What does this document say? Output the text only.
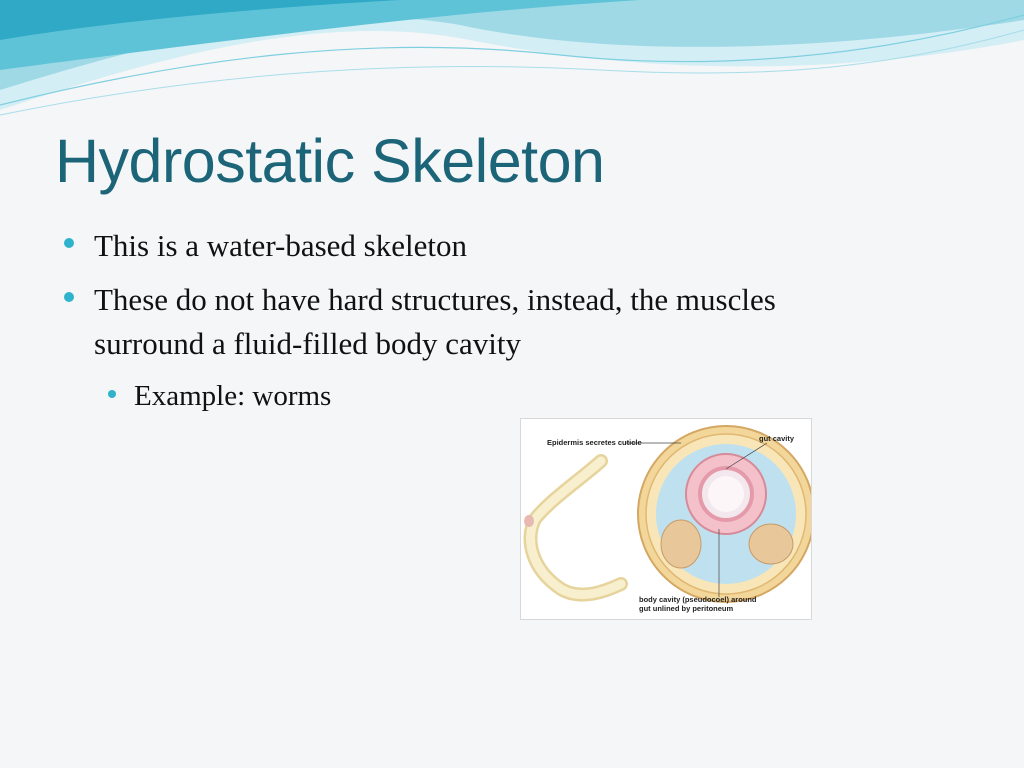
Hydrostatic Skeleton
This is a water-based skeleton
These do not have hard structures, instead, the muscles surround a fluid-filled body cavity
Example: worms
Epidermis secretes cuticle	gut cavity
body cavity (pseudocoel) around
gut unlined by peritoneum
